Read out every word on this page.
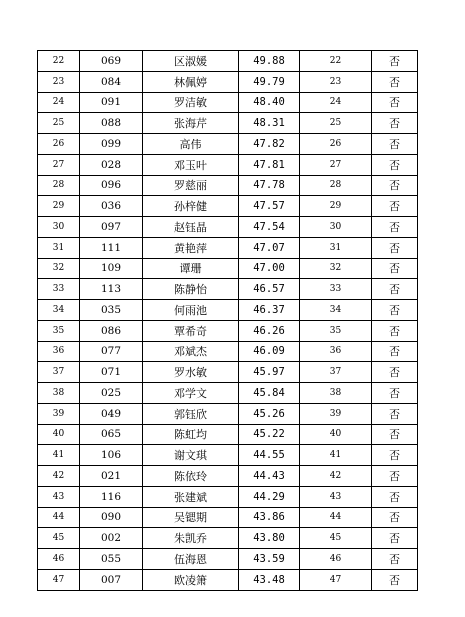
22	069	区淑媛	49.88	22	否
23	084	林佩婷	49.79	23	否
24	091	罗洁敏	48.40	24	否
25	088	张海芹	48.31	25	否
26	099	高伟	47.82	26	否
27	028	邓玉叶	47.81	27	否
28	096	罗慈丽	47.78	28	否
29	036	孙梓健	47.57	29	否
30	097	赵钰晶	47.54	30	否
31	111	黄艳萍	47.07	31	否
32	109	谭珊	47.00	32	否
33	113	陈静怡	46.57	33	否
34	035	何雨池	46.37	34	否
35	086	覃希奇	46.26	35	否
36	077	邓斌杰	46.09	36	否
37	071	罗水敏	45.97	37	否
38	025	邓学文	45.84	38	否
39	049	郭钰欣	45.26	39	否
40	065	陈虹均	45.22	40	否
41	106	谢文琪	44.55	41	否
42	021	陈依玲	44.43	42	否
43	116	张建斌	44.29	43	否
44	090	吴锶期	43.86	44	否
45	002	朱凯乔	43.80	45	否
46	055	伍海恩	43.59	46	否
47	007	欧凌箫	43.48	47	否
